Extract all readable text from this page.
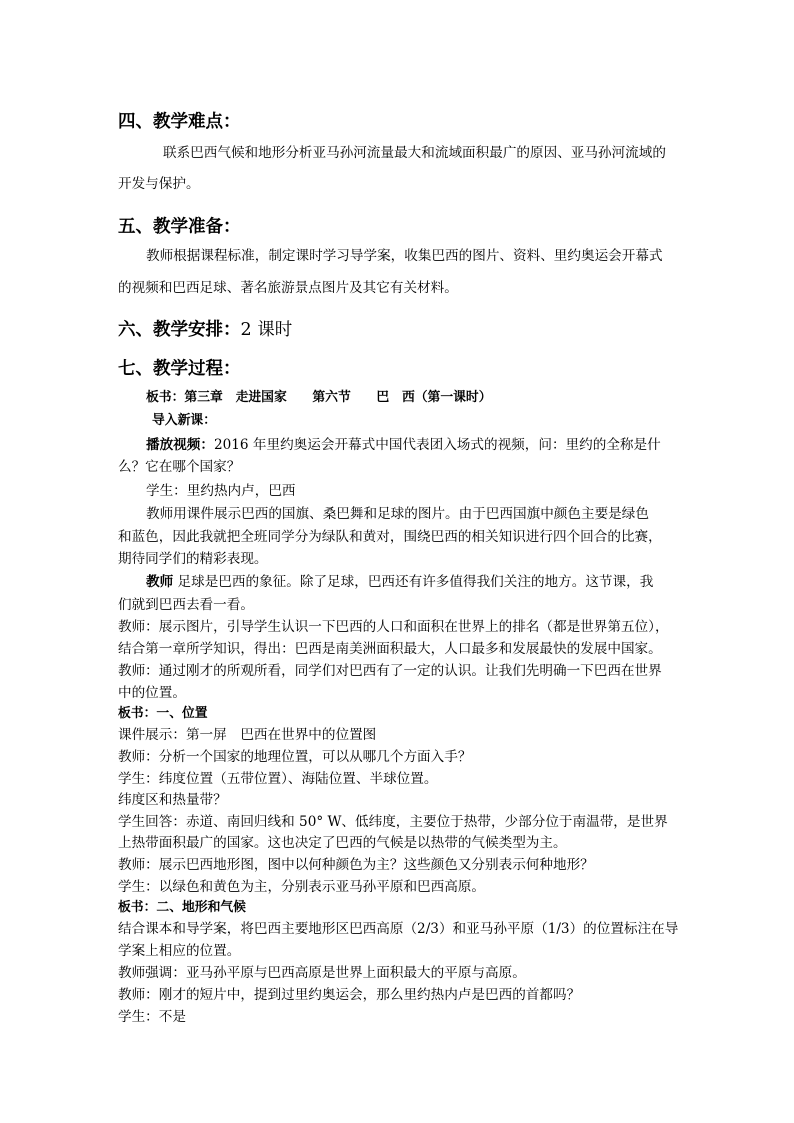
四、教学难点：
联系巴西气候和地形分析亚马孙河流量最大和流域面积最广的原因、亚马孙河流域的
开发与保护。
五、教学准备：
教师根据课程标准，制定课时学习导学案，收集巴西的图片、资料、里约奥运会开幕式
的视频和巴西足球、著名旅游景点图片及其它有关材料。
六、教学安排：2 课时
七、教学过程：
板书：第三章　走进国家　　第六节　　巴　西（第一课时）
导入新课：
播放视频：2016 年里约奥运会开幕式中国代表团入场式的视频，问：里约的全称是什
么？它在哪个国家？
学生：里约热内卢，巴西
教师用课件展示巴西的国旗、桑巴舞和足球的图片。由于巴西国旗中颜色主要是绿色
和蓝色，因此我就把全班同学分为绿队和黄对，围绕巴西的相关知识进行四个回合的比赛，
期待同学们的精彩表现。
教师 足球是巴西的象征。除了足球，巴西还有许多值得我们关注的地方。这节课，我
们就到巴西去看一看。
教师：展示图片，引导学生认识一下巴西的人口和面积在世界上的排名（都是世界第五位），
结合第一章所学知识，得出：巴西是南美洲面积最大，人口最多和发展最快的发展中国家。
教师：通过刚才的所观所看，同学们对巴西有了一定的认识。让我们先明确一下巴西在世界
中的位置。
板书：一、位置
课件展示：第一屏　巴西在世界中的位置图
教师：分析一个国家的地理位置，可以从哪几个方面入手？
学生：纬度位置（五带位置）、海陆位置、半球位置。
纬度区和热量带？
学生回答：赤道、南回归线和 50° W、低纬度，主要位于热带，少部分位于南温带，是世界
上热带面积最广的国家。这也决定了巴西的气候是以热带的气候类型为主。
教师：展示巴西地形图，图中以何种颜色为主？这些颜色又分别表示何种地形？
学生：以绿色和黄色为主，分别表示亚马孙平原和巴西高原。
板书：二、地形和气候
结合课本和导学案，将巴西主要地形区巴西高原（2/3）和亚马孙平原（1/3）的位置标注在导
学案上相应的位置。
教师强调：亚马孙平原与巴西高原是世界上面积最大的平原与高原。
教师：刚才的短片中，提到过里约奥运会，那么里约热内卢是巴西的首都吗？
学生：不是
